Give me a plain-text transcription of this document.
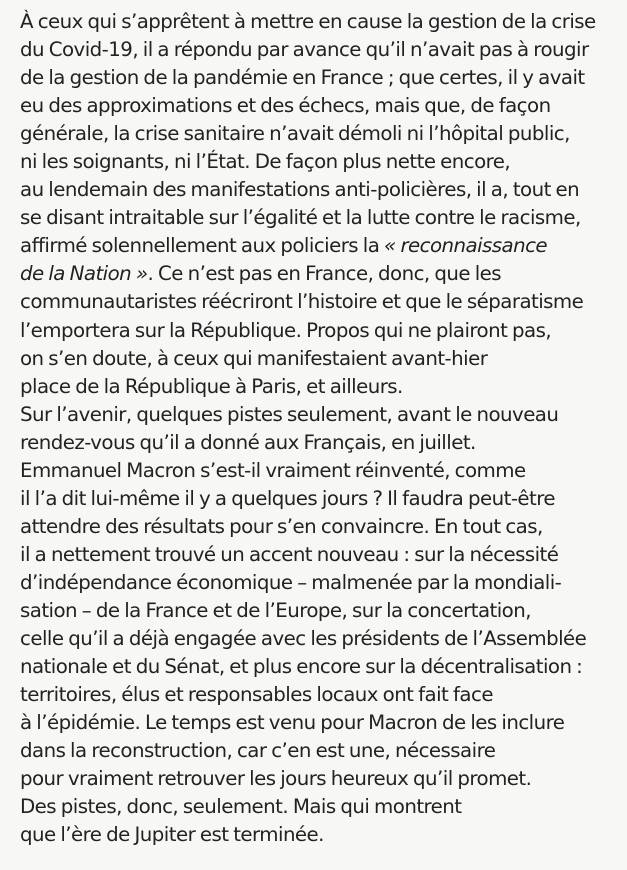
À ceux qui s’apprêtent à mettre en cause la gestion de la crise
du Covid-19, il a répondu par avance qu’il n’avait pas à rougir
de la gestion de la pandémie en France ; que certes, il y avait
eu des approximations et des échecs, mais que, de façon
générale, la crise sanitaire n’avait démoli ni l’hôpital public,
ni les soignants, ni l’État. De façon plus nette encore,
au lendemain des manifestations anti-policières, il a, tout en
se disant intraitable sur l’égalité et la lutte contre le racisme,
affirmé solennellement aux policiers la « reconnaissance
de la Nation ». Ce n’est pas en France, donc, que les
communautaristes réécriront l’histoire et que le séparatisme
l’emportera sur la République. Propos qui ne plairont pas,
on s’en doute, à ceux qui manifestaient avant-hier
place de la République à Paris, et ailleurs.
Sur l’avenir, quelques pistes seulement, avant le nouveau
rendez-vous qu’il a donné aux Français, en juillet.
Emmanuel Macron s’est-il vraiment réinventé, comme
il l’a dit lui-même il y a quelques jours ? Il faudra peut-être
attendre des résultats pour s’en convaincre. En tout cas,
il a nettement trouvé un accent nouveau : sur la nécessité
d’indépendance économique – malmenée par la mondiali-
sation – de la France et de l’Europe, sur la concertation,
celle qu’il a déjà engagée avec les présidents de l’Assemblée
nationale et du Sénat, et plus encore sur la décentralisation :
territoires, élus et responsables locaux ont fait face
à l’épidémie. Le temps est venu pour Macron de les inclure
dans la reconstruction, car c’en est une, nécessaire
pour vraiment retrouver les jours heureux qu’il promet.
Des pistes, donc, seulement. Mais qui montrent
que l’ère de Jupiter est terminée.
